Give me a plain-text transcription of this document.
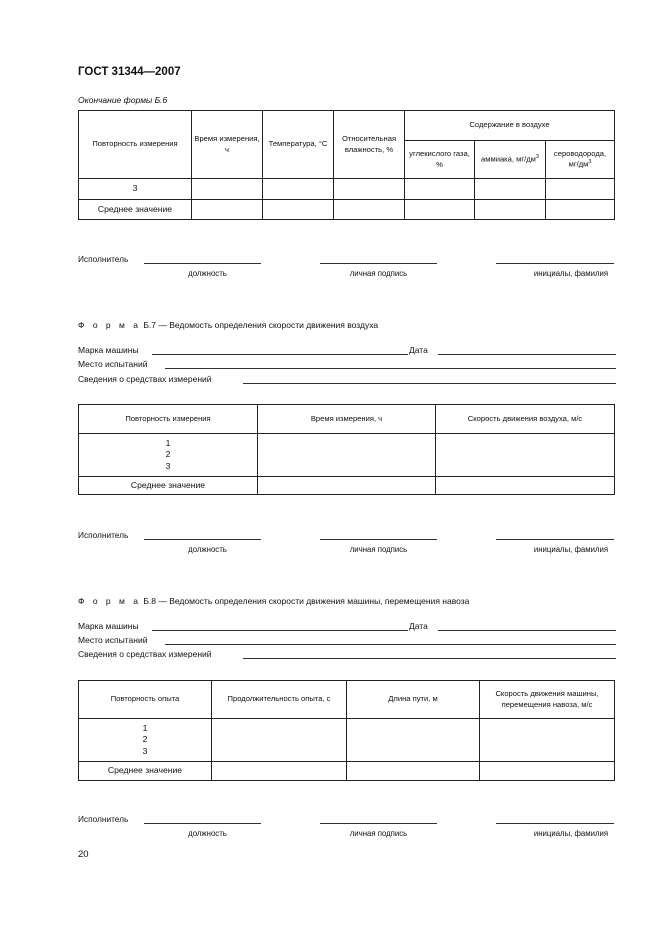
ГОСТ 31344—2007
Окончание формы Б.6
Повторность измерения	Время измерения, ч	Температура, °С	Относительная влажность, %	Содержание в воздухе		
				углекислого газа, %	аммиака, $мг/дм^3$	сероводорода, $мг/дм^3$
3						
Среднее значение						
Исполнитель
должность	личная подпись	инициалы, фамилия
Ф о р м а Б.7 — Ведомость определения скорости движения воздуха
Марка машины	Дата
Место испытаний
Сведения о средствах измерений
Повторность измерения	Время измерения, ч	Скорость движения воздуха, м/с

1
2
3		

Среднее значение		
Исполнитель
должность	личная подпись	инициалы, фамилия
Ф о р м а Б.8 — Ведомость определения скорости движения машины, перемещения навоза
Марка машины	Дата
Место испытаний
Сведения о средствах измерений
Повторность опыта	Продолжительность опыта, с	Длина пути, м	Скорость движения машины, перемещения навоза, м/с

1
2
3			

Среднее значение			
Исполнитель
должность	личная подпись	инициалы, фамилия
20
